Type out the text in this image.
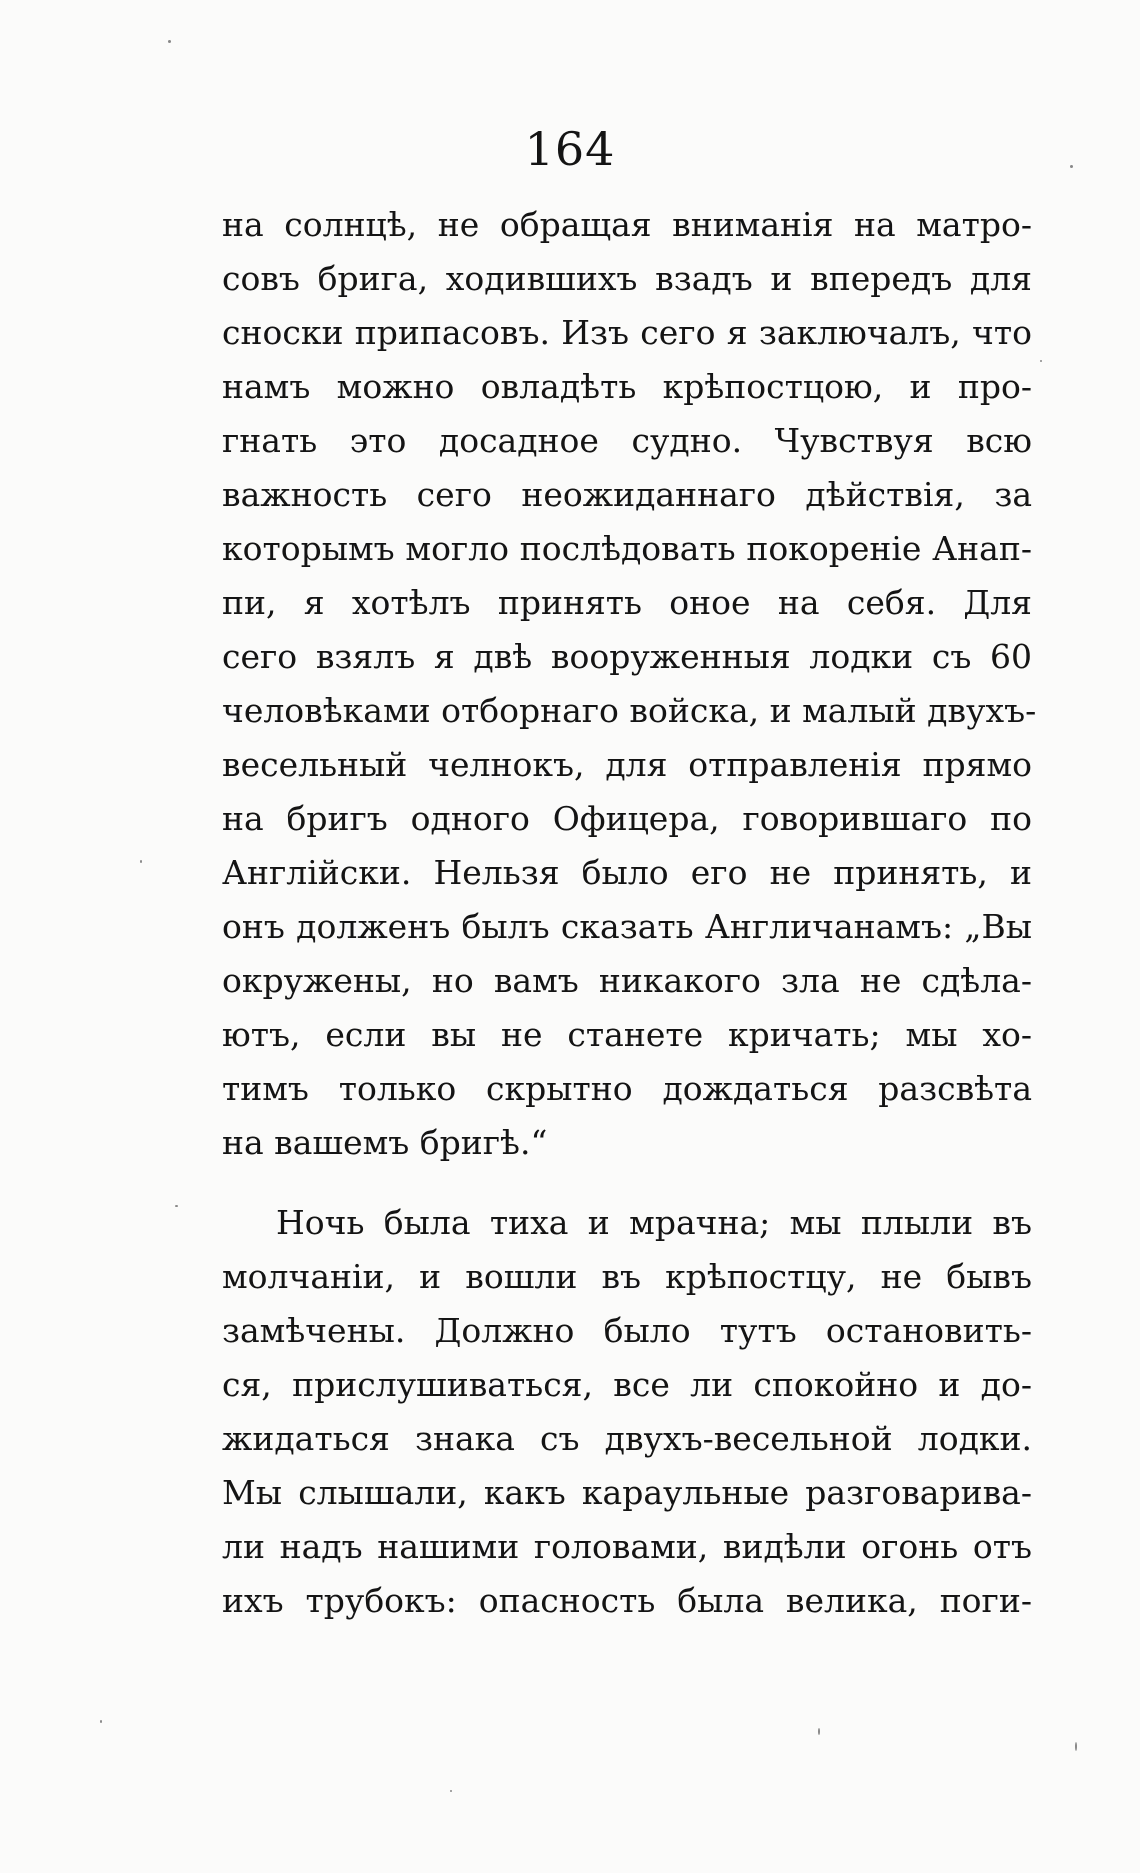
164
на солнцѣ, не обращая вниманія на матро-
совъ брига, ходившихъ взадъ и впередъ для
сноски припасовъ. Изъ сего я заключалъ, что
намъ можно овладѣть крѣпостцою, и про-
гнать это досадное судно. Чувствуя всю
важность сего неожиданнаго дѣйствія, за
которымъ могло послѣдовать покореніе Анап-
пи, я хотѣлъ принять оное на себя. Для
сего взялъ я двѣ вооруженныя лодки съ 60
человѣками отборнаго войска, и малый двухъ-
весельный челнокъ, для отправленія прямо
на бригъ одного Офицера, говорившаго по
Англійски. Нельзя было его не принять, и
онъ долженъ былъ сказать Англичанамъ: „Вы
окружены, но вамъ никакого зла не сдѣла-
ютъ, если вы не станете кричать; мы хо-
тимъ только скрытно дождаться разсвѣта
на вашемъ бригѣ.“
Ночь была тиха и мрачна; мы плыли въ
молчаніи, и вошли въ крѣпостцу, не бывъ
замѣчены. Должно было тутъ остановить-
ся, прислушиваться, все ли спокойно и до-
жидаться знака съ двухъ-весельной лодки.
Мы слышали, какъ караульные разговарива-
ли надъ нашими головами, видѣли огонь отъ
ихъ трубокъ: опасность была велика, поги-
